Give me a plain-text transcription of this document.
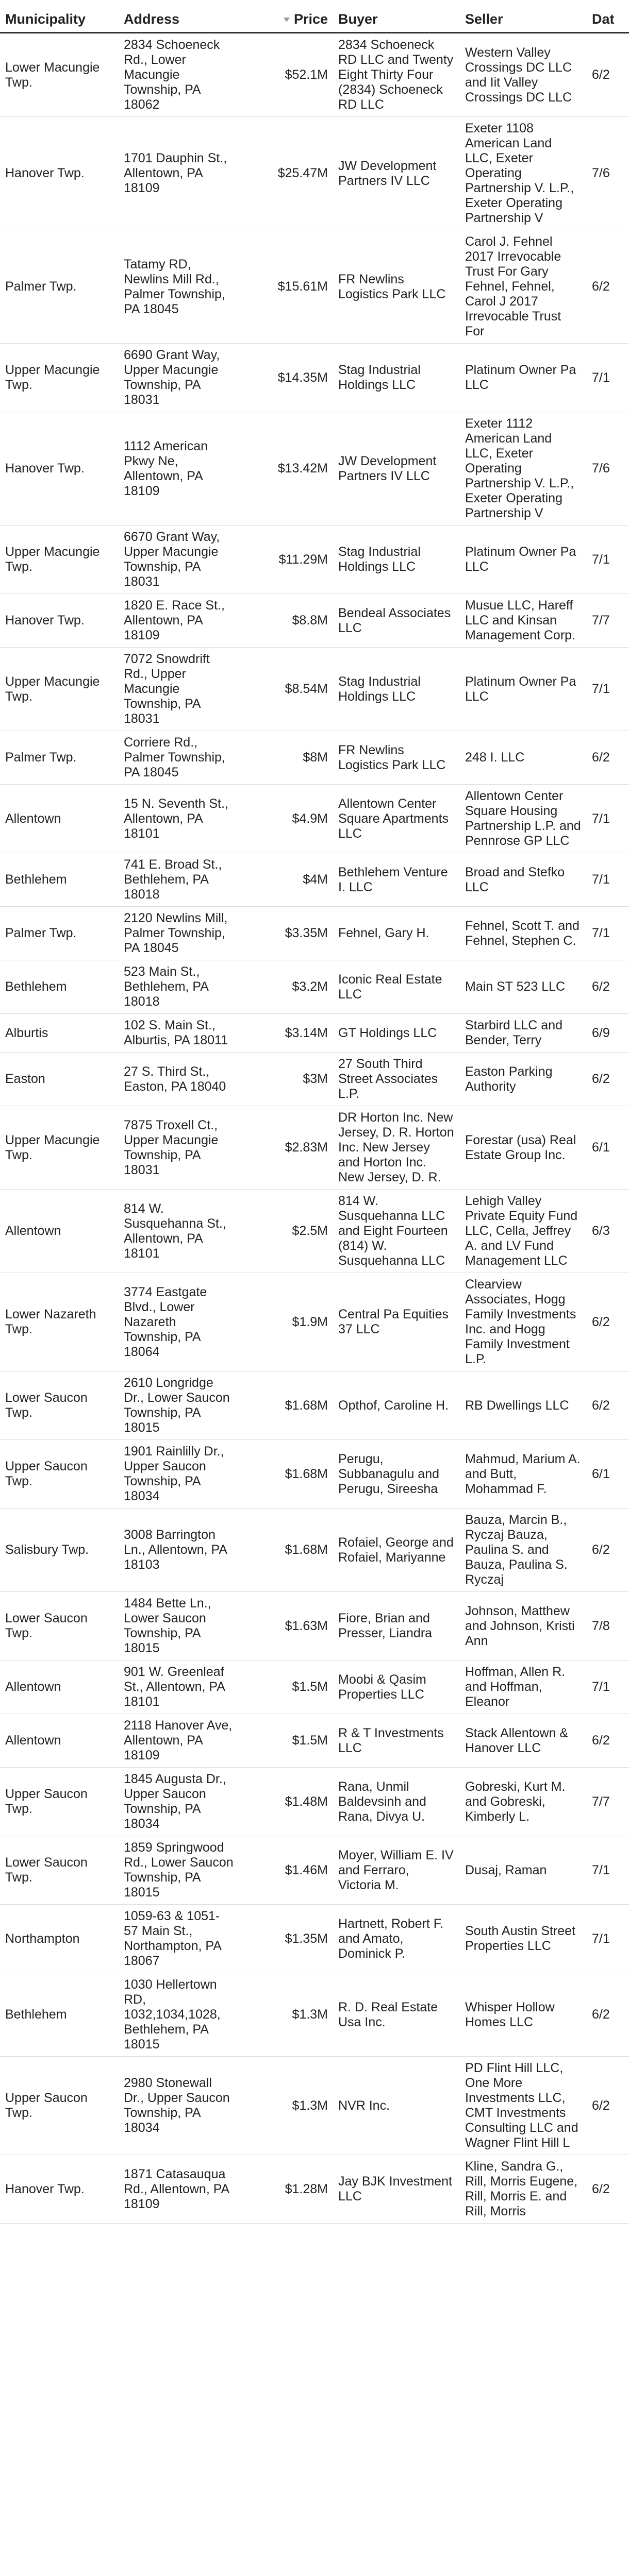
Municipality	Address	Price	Buyer	Seller	Dat
Lower Macungie Twp.	2834 Schoeneck Rd., Lower Macungie Township, PA 18062	$52.1M	2834 Schoeneck RD LLC and Twenty Eight Thirty Four (2834) Schoeneck RD LLC	Western Valley Crossings DC LLC and Iit Valley Crossings DC LLC	6/2
Hanover Twp.	1701 Dauphin St., Allentown, PA 18109	$25.47M	JW Development Partners IV LLC	Exeter 1108 American Land LLC, Exeter Operating Partnership V. L.P., Exeter Operating Partnership V	7/6
Palmer Twp.	Tatamy RD, Newlins Mill Rd., Palmer Township, PA 18045	$15.61M	FR Newlins Logistics Park LLC	Carol J. Fehnel 2017 Irrevocable Trust For Gary Fehnel, Fehnel, Carol J 2017 Irrevocable Trust For	6/2
Upper Macungie Twp.	6690 Grant Way, Upper Macungie Township, PA 18031	$14.35M	Stag Industrial Holdings LLC	Platinum Owner Pa LLC	7/1
Hanover Twp.	1112 American Pkwy Ne, Allentown, PA 18109	$13.42M	JW Development Partners IV LLC	Exeter 1112 American Land LLC, Exeter Operating Partnership V. L.P., Exeter Operating Partnership V	7/6
Upper Macungie Twp.	6670 Grant Way, Upper Macungie Township, PA 18031	$11.29M	Stag Industrial Holdings LLC	Platinum Owner Pa LLC	7/1
Hanover Twp.	1820 E. Race St., Allentown, PA 18109	$8.8M	Bendeal Associates LLC	Musue LLC, Hareff LLC and Kinsan Management Corp.	7/7
Upper Macungie Twp.	7072 Snowdrift Rd., Upper Macungie Township, PA 18031	$8.54M	Stag Industrial Holdings LLC	Platinum Owner Pa LLC	7/1
Palmer Twp.	Corriere Rd., Palmer Township, PA 18045	$8M	FR Newlins Logistics Park LLC	248 I. LLC	6/2
Allentown	15 N. Seventh St., Allentown, PA 18101	$4.9M	Allentown Center Square Apartments LLC	Allentown Center Square Housing Partnership L.P. and Pennrose GP LLC	7/1
Bethlehem	741 E. Broad St., Bethlehem, PA 18018	$4M	Bethlehem Venture I. LLC	Broad and Stefko LLC	7/1
Palmer Twp.	2120 Newlins Mill, Palmer Township, PA 18045	$3.35M	Fehnel, Gary H.	Fehnel, Scott T. and Fehnel, Stephen C.	7/1
Bethlehem	523 Main St., Bethlehem, PA 18018	$3.2M	Iconic Real Estate LLC	Main ST 523 LLC	6/2
Alburtis	102 S. Main St., Alburtis, PA 18011	$3.14M	GT Holdings LLC	Starbird LLC and Bender, Terry	6/9
Easton	27 S. Third St., Easton, PA 18040	$3M	27 South Third Street Associates L.P.	Easton Parking Authority	6/2
Upper Macungie Twp.	7875 Troxell Ct., Upper Macungie Township, PA 18031	$2.83M	DR Horton Inc. New Jersey, D. R. Horton Inc. New Jersey and Horton Inc. New Jersey, D. R.	Forestar (usa) Real Estate Group Inc.	6/1
Allentown	814 W. Susquehanna St., Allentown, PA 18101	$2.5M	814 W. Susquehanna LLC and Eight Fourteen (814) W. Susquehanna LLC	Lehigh Valley Private Equity Fund LLC, Cella, Jeffrey A. and LV Fund Management LLC	6/3
Lower Nazareth Twp.	3774 Eastgate Blvd., Lower Nazareth Township, PA 18064	$1.9M	Central Pa Equities 37 LLC	Clearview Associates, Hogg Family Investments Inc. and Hogg Family Investment L.P.	6/2
Lower Saucon Twp.	2610 Longridge Dr., Lower Saucon Township, PA 18015	$1.68M	Opthof, Caroline H.	RB Dwellings LLC	6/2
Upper Saucon Twp.	1901 Rainlilly Dr., Upper Saucon Township, PA 18034	$1.68M	Perugu, Subbanagulu and Perugu, Sireesha	Mahmud, Marium A. and Butt, Mohammad F.	6/1
Salisbury Twp.	3008 Barrington Ln., Allentown, PA 18103	$1.68M	Rofaiel, George and Rofaiel, Mariyanne	Bauza, Marcin B., Ryczaj Bauza, Paulina S. and Bauza, Paulina S. Ryczaj	6/2
Lower Saucon Twp.	1484 Bette Ln., Lower Saucon Township, PA 18015	$1.63M	Fiore, Brian and Presser, Liandra	Johnson, Matthew and Johnson, Kristi Ann	7/8
Allentown	901 W. Greenleaf St., Allentown, PA 18101	$1.5M	Moobi & Qasim Properties LLC	Hoffman, Allen R. and Hoffman, Eleanor	7/1
Allentown	2118 Hanover Ave, Allentown, PA 18109	$1.5M	R & T Investments LLC	Stack Allentown & Hanover LLC	6/2
Upper Saucon Twp.	1845 Augusta Dr., Upper Saucon Township, PA 18034	$1.48M	Rana, Unmil Baldevsinh and Rana, Divya U.	Gobreski, Kurt M. and Gobreski, Kimberly L.	7/7
Lower Saucon Twp.	1859 Springwood Rd., Lower Saucon Township, PA 18015	$1.46M	Moyer, William E. IV and Ferraro, Victoria M.	Dusaj, Raman	7/1
Northampton	1059-63 & 1051-57 Main St., Northampton, PA 18067	$1.35M	Hartnett, Robert F. and Amato, Dominick P.	South Austin Street Properties LLC	7/1
Bethlehem	1030 Hellertown RD, 1032,1034,1028, Bethlehem, PA 18015	$1.3M	R. D. Real Estate Usa Inc.	Whisper Hollow Homes LLC	6/2
Upper Saucon Twp.	2980 Stonewall Dr., Upper Saucon Township, PA 18034	$1.3M	NVR Inc.	PD Flint Hill LLC, One More Investments LLC, CMT Investments Consulting LLC and Wagner Flint Hill L	6/2
Hanover Twp.	1871 Catasauqua Rd., Allentown, PA 18109	$1.28M	Jay BJK Investment LLC	Kline, Sandra G., Rill, Morris Eugene, Rill, Morris E. and Rill, Morris	6/2
